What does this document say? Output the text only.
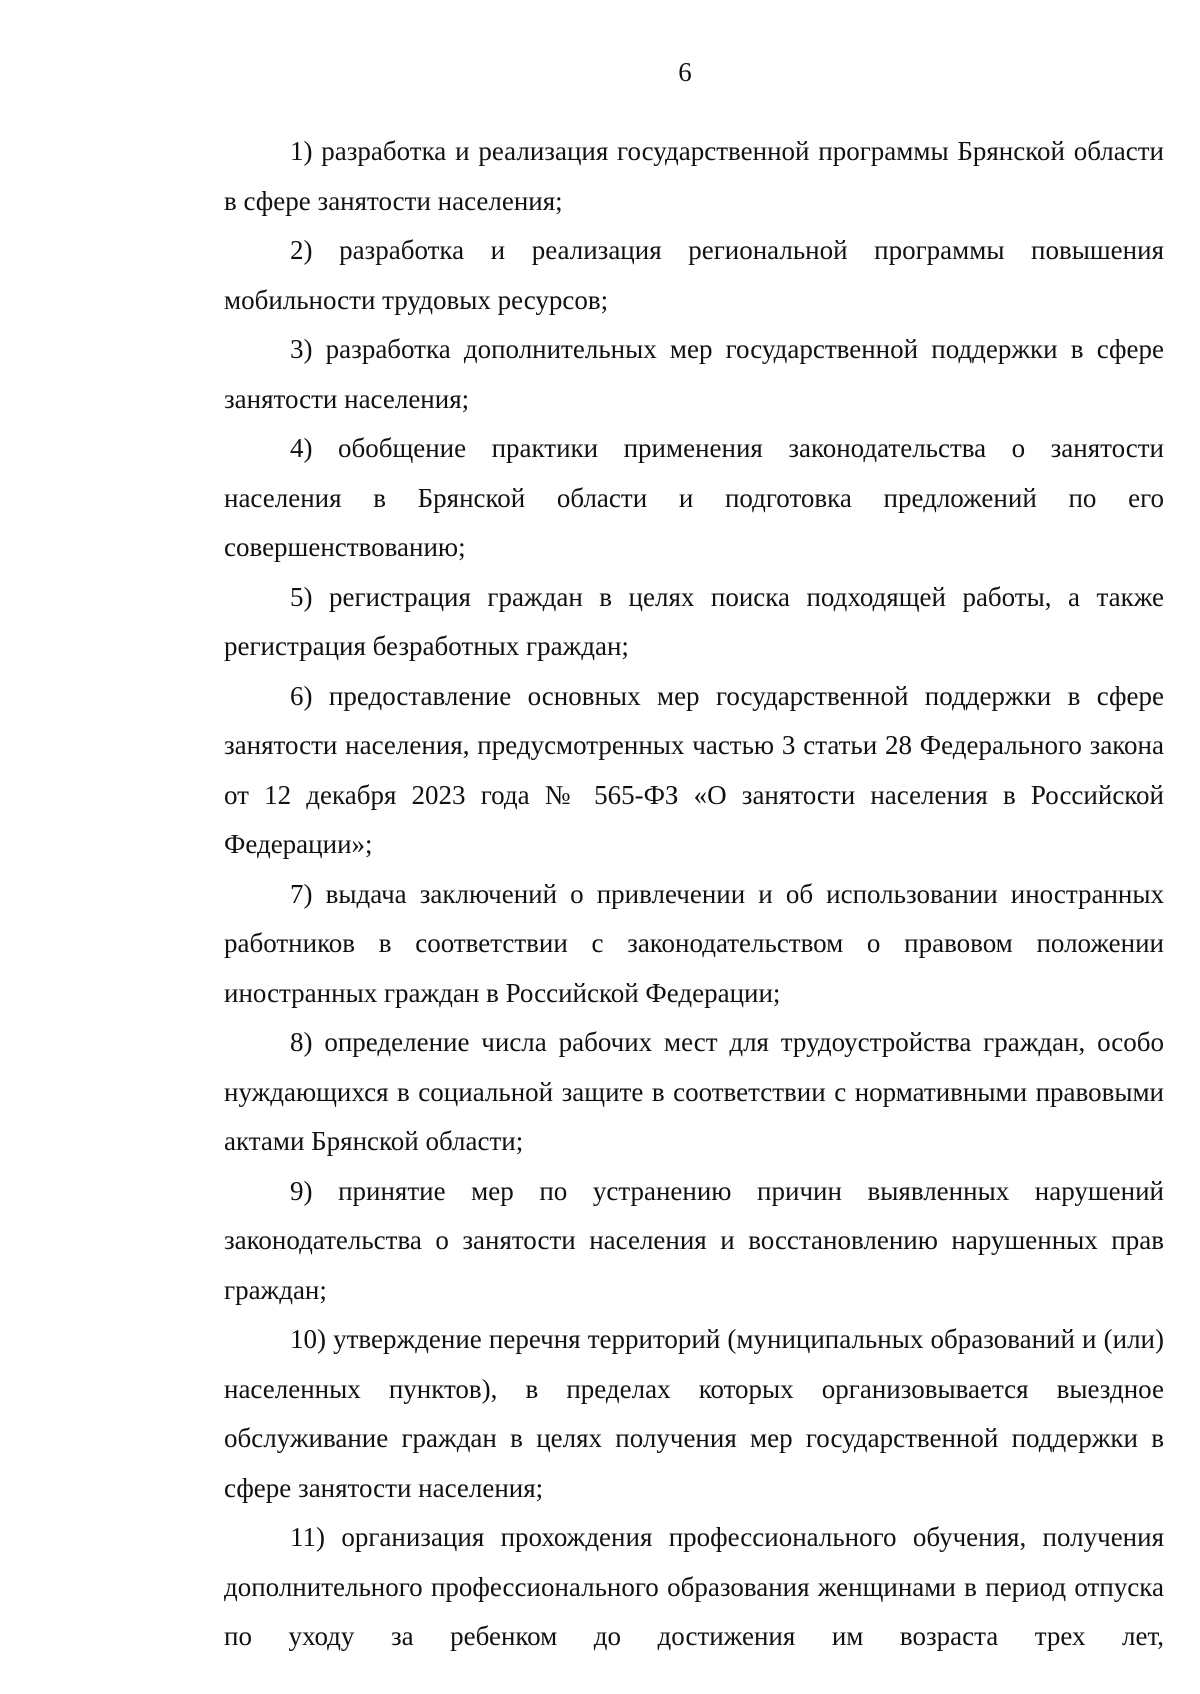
6

1) разработка и реализация государственной программы Брянской области в сфере занятости населения;

2) разработка и реализация региональной программы повышения мобильности трудовых ресурсов;

3) разработка дополнительных мер государственной поддержки в сфере занятости населения;

4) обобщение практики применения законодательства о занятости населения в Брянской области и подготовка предложений по его совершенствованию;

5) регистрация граждан в целях поиска подходящей работы, а также регистрация безработных граждан;

6) предоставление основных мер государственной поддержки в сфере занятости населения, предусмотренных частью 3 статьи 28 Федерального закона от 12 декабря 2023 года № 565-ФЗ «О занятости населения в Российской Федерации»;

7) выдача заключений о привлечении и об использовании иностранных работников в соответствии с законодательством о правовом положении иностранных граждан в Российской Федерации;

8) определение числа рабочих мест для трудоустройства граждан, особо нуждающихся в социальной защите в соответствии с нормативными правовыми актами Брянской области;

9) принятие мер по устранению причин выявленных нарушений законодательства о занятости населения и восстановлению нарушенных прав граждан;

10) утверждение перечня территорий (муниципальных образований и (или) населенных пунктов), в пределах которых организовывается выездное обслуживание граждан в целях получения мер государственной поддержки в сфере занятости населения;

11) организация прохождения профессионального обучения, получения дополнительного профессионального образования женщинами в период отпуска по уходу за ребенком до достижения им возраста трех лет,
